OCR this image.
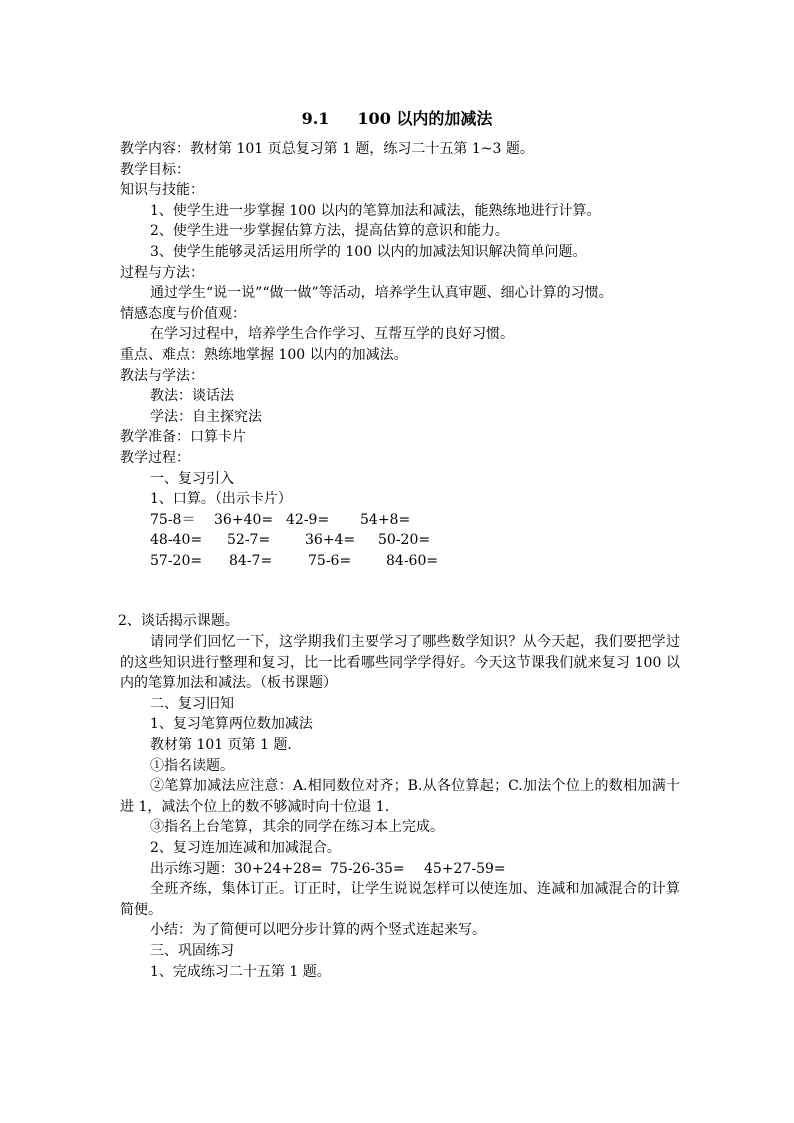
9.1 100 以内的加减法
教学内容：教材第 101 页总复习第 1 题，练习二十五第 1~3 题。
教学目标：
知识与技能：
1、使学生进一步掌握 100 以内的笔算加法和减法，能熟练地进行计算。
2、使学生进一步掌握估算方法，提高估算的意识和能力。
3、使学生能够灵活运用所学的 100 以内的加减法知识解决简单问题。
过程与方法：
通过学生“说一说”“做一做”等活动，培养学生认真审题、细心计算的习惯。
情感态度与价值观：
在学习过程中，培养学生合作学习、互帮互学的良好习惯。
重点、难点：熟练地掌握 100 以内的加减法。
教法与学法：
教法：谈话法
学法：自主探究法
教学准备：口算卡片
教学过程：
一、复习引入
1、口算。（出示卡片）
75-8＝	36+40= 42-9=	54+8=
48-40=	52-7=	36+4=	50-20=
57-20=	84-7=	75-6=	84-60=
2、谈话揭示课题。
请同学们回忆一下，这学期我们主要学习了哪些数学知识？从今天起，我们要把学过的这些知识进行整理和复习，比一比看哪些同学学得好。今天这节课我们就来复习 100 以内的笔算加法和减法。（板书课题）
二、复习旧知
1、复习笔算两位数加减法
教材第 101 页第 1 题.
①指名读题。
②笔算加减法应注意：A.相同数位对齐；B.从各位算起；C.加法个位上的数相加满十进 1，减法个位上的数不够减时向十位退 1.
③指名上台笔算，其余的同学在练习本上完成。
2、复习连加连减和加减混合。
出示练习题： 30+24+28= 75-26-35=	45+27-59=
全班齐练，集体订正。订正时，让学生说说怎样可以使连加、连减和加减混合的计算简便。
小结：为了简便可以吧分步计算的两个竖式连起来写。
三、巩固练习
1、完成练习二十五第 1 题。
